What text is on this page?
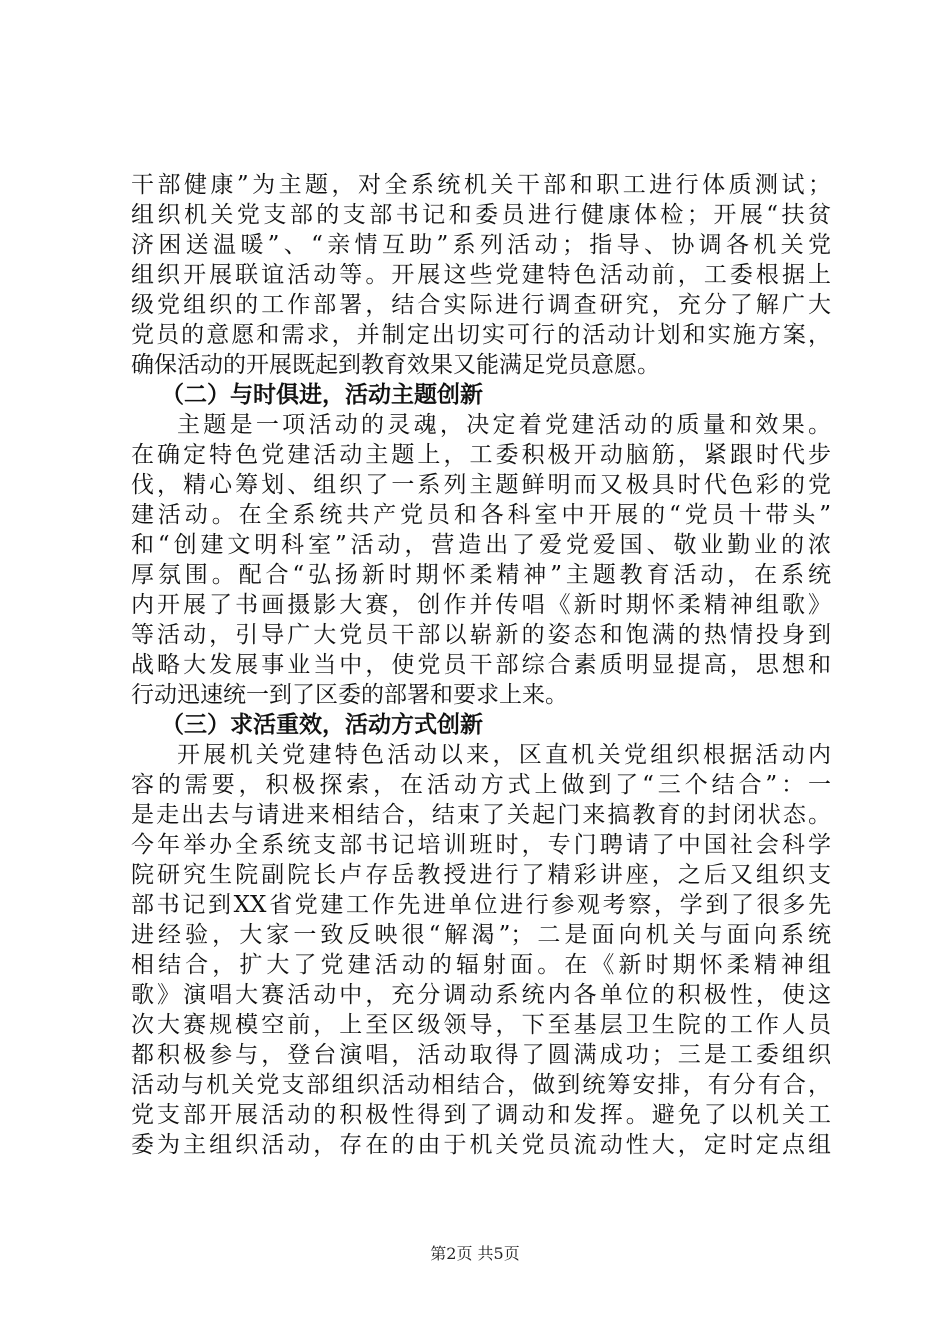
干部健康”为主题，对全系统机关干部和职工进行体质测试；
组织机关党支部的支部书记和委员进行健康体检；开展“扶贫
济困送温暖”、“亲情互助”系列活动；指导、协调各机关党
组织开展联谊活动等。开展这些党建特色活动前，工委根据上
级党组织的工作部署，结合实际进行调查研究，充分了解广大
党员的意愿和需求，并制定出切实可行的活动计划和实施方案，
确保活动的开展既起到教育效果又能满足党员意愿。
（二）与时俱进，活动主题创新
主题是一项活动的灵魂，决定着党建活动的质量和效果。
在确定特色党建活动主题上，工委积极开动脑筋，紧跟时代步
伐，精心筹划、组织了一系列主题鲜明而又极具时代色彩的党
建活动。在全系统共产党员和各科室中开展的“党员十带头”
和“创建文明科室”活动，营造出了爱党爱国、敬业勤业的浓
厚氛围。配合“弘扬新时期怀柔精神”主题教育活动，在系统
内开展了书画摄影大赛，创作并传唱《新时期怀柔精神组歌》
等活动，引导广大党员干部以崭新的姿态和饱满的热情投身到
战略大发展事业当中，使党员干部综合素质明显提高，思想和
行动迅速统一到了区委的部署和要求上来。
（三）求活重效，活动方式创新
开展机关党建特色活动以来，区直机关党组织根据活动内
容的需要，积极探索，在活动方式上做到了“三个结合”：一
是走出去与请进来相结合，结束了关起门来搞教育的封闭状态。
今年举办全系统支部书记培训班时，专门聘请了中国社会科学
院研究生院副院长卢存岳教授进行了精彩讲座，之后又组织支
部书记到XX省党建工作先进单位进行参观考察，学到了很多先
进经验，大家一致反映很“解渴”；二是面向机关与面向系统
相结合，扩大了党建活动的辐射面。在《新时期怀柔精神组
歌》演唱大赛活动中，充分调动系统内各单位的积极性，使这
次大赛规模空前，上至区级领导，下至基层卫生院的工作人员
都积极参与，登台演唱，活动取得了圆满成功；三是工委组织
活动与机关党支部组织活动相结合，做到统筹安排，有分有合，
党支部开展活动的积极性得到了调动和发挥。避免了以机关工
委为主组织活动，存在的由于机关党员流动性大，定时定点组
第2页 共5页
